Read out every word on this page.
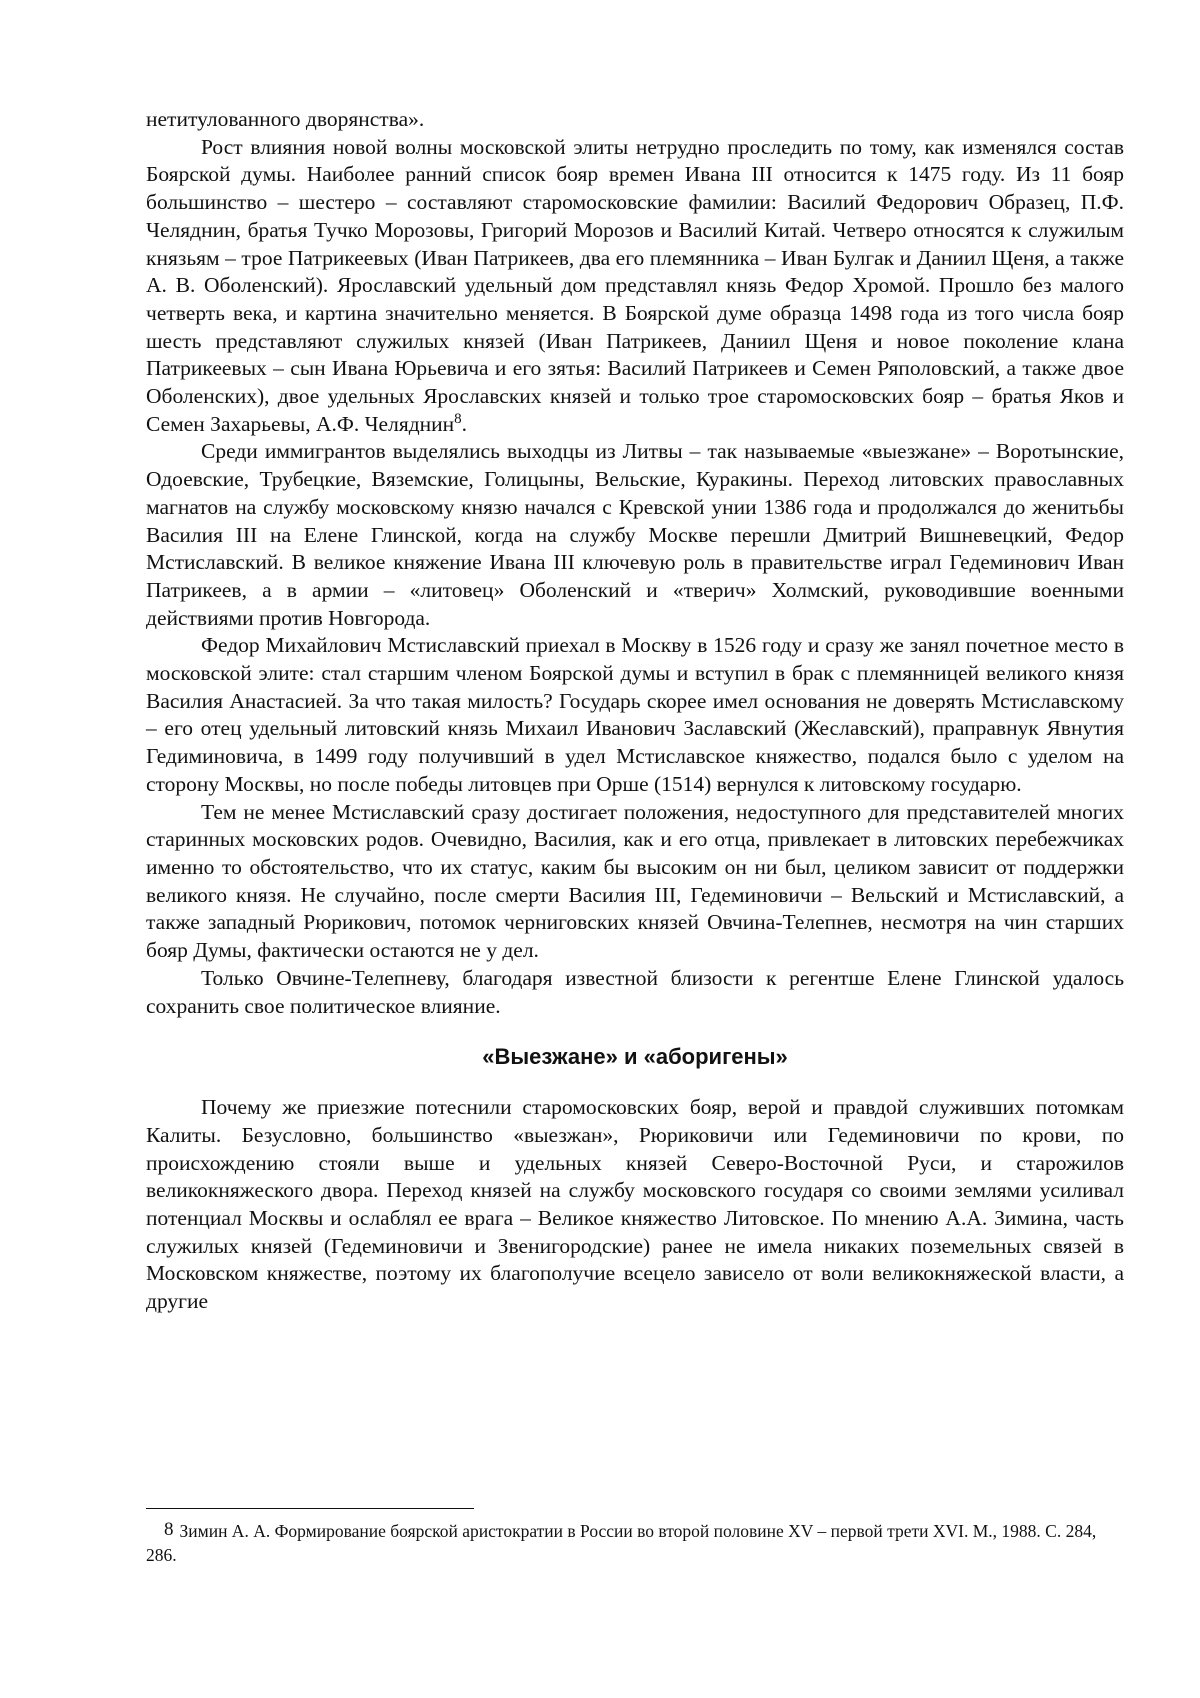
нетитулованного дворянства».

Рост влияния новой волны московской элиты нетрудно проследить по тому, как изменялся состав Боярской думы. Наиболее ранний список бояр времен Ивана III относится к 1475 году. Из 11 бояр большинство – шестеро – составляют старомосковские фамилии: Василий Федорович Образец, П.Ф. Челяднин, братья Тучко Морозовы, Григорий Морозов и Василий Китай. Четверо относятся к служилым князьям – трое Патрикеевых (Иван Патрикеев, два его племянника – Иван Булгак и Даниил Щеня, а также А. В. Оболенский). Ярославский удельный дом представлял князь Федор Хромой. Прошло без малого четверть века, и картина значительно меняется. В Боярской думе образца 1498 года из того числа бояр шесть представляют служилых князей (Иван Патрикеев, Даниил Щеня и новое поколение клана Патрикеевых – сын Ивана Юрьевича и его зятья: Василий Патрикеев и Семен Ряполовский, а также двое Оболенских), двое удельных Ярославских князей и только трое старомосковских бояр – братья Яков и Семен Захарьевы, А.Ф. Челяднин$^8$.

Среди иммигрантов выделялись выходцы из Литвы – так называемые «выезжане» – Воротынские, Одоевские, Трубецкие, Вяземские, Голицыны, Вельские, Куракины. Переход литовских православных магнатов на службу московскому князю начался с Кревской унии 1386 года и продолжался до женитьбы Василия III на Елене Глинской, когда на службу Москве перешли Дмитрий Вишневецкий, Федор Мстиславский. В великое княжение Ивана III ключевую роль в правительстве играл Гедеминович Иван Патрикеев, а в армии – «литовец» Оболенский и «тверич» Холмский, руководившие военными действиями против Новгорода.

Федор Михайлович Мстиславский приехал в Москву в 1526 году и сразу же занял почетное место в московской элите: стал старшим членом Боярской думы и вступил в брак с племянницей великого князя Василия Анастасией. За что такая милость? Государь скорее имел основания не доверять Мстиславскому – его отец удельный литовский князь Михаил Иванович Заславский (Жеславский), праправнук Явнутия Гедиминовича, в 1499 году получивший в удел Мстиславское княжество, подался было с уделом на сторону Москвы, но после победы литовцев при Орше (1514) вернулся к литовскому государю.

Тем не менее Мстиславский сразу достигает положения, недоступного для представителей многих старинных московских родов. Очевидно, Василия, как и его отца, привлекает в литовских перебежчиках именно то обстоятельство, что их статус, каким бы высоким он ни был, целиком зависит от поддержки великого князя. Не случайно, после смерти Василия III, Гедеминовичи – Вельский и Мстиславский, а также западный Рюрикович, потомок черниговских князей Овчина-Телепнев, несмотря на чин старших бояр Думы, фактически остаются не у дел.

Только Овчине-Телепневу, благодаря известной близости к регентше Елене Глинской удалось сохранить свое политическое влияние.

«Выезжане» и «аборигены»

Почему же приезжие потеснили старомосковских бояр, верой и правдой служивших потомкам Калиты. Безусловно, большинство «выезжан», Рюриковичи или Гедеминовичи по крови, по происхождению стояли выше и удельных князей Северо-Восточной Руси, и старожилов великокняжеского двора. Переход князей на службу московского государя со своими землями усиливал потенциал Москвы и ослаблял ее врага – Великое княжество Литовское. По мнению А.А. Зимина, часть служилых князей (Гедеминовичи и Звенигородские) ранее не имела никаких поземельных связей в Московском княжестве, поэтому их благополучие всецело зависело от воли великокняжеской власти, а другие

8 Зимин А. А. Формирование боярской аристократии в России во второй половине XV – первой трети XVI. М., 1988. С. 284, 286.
